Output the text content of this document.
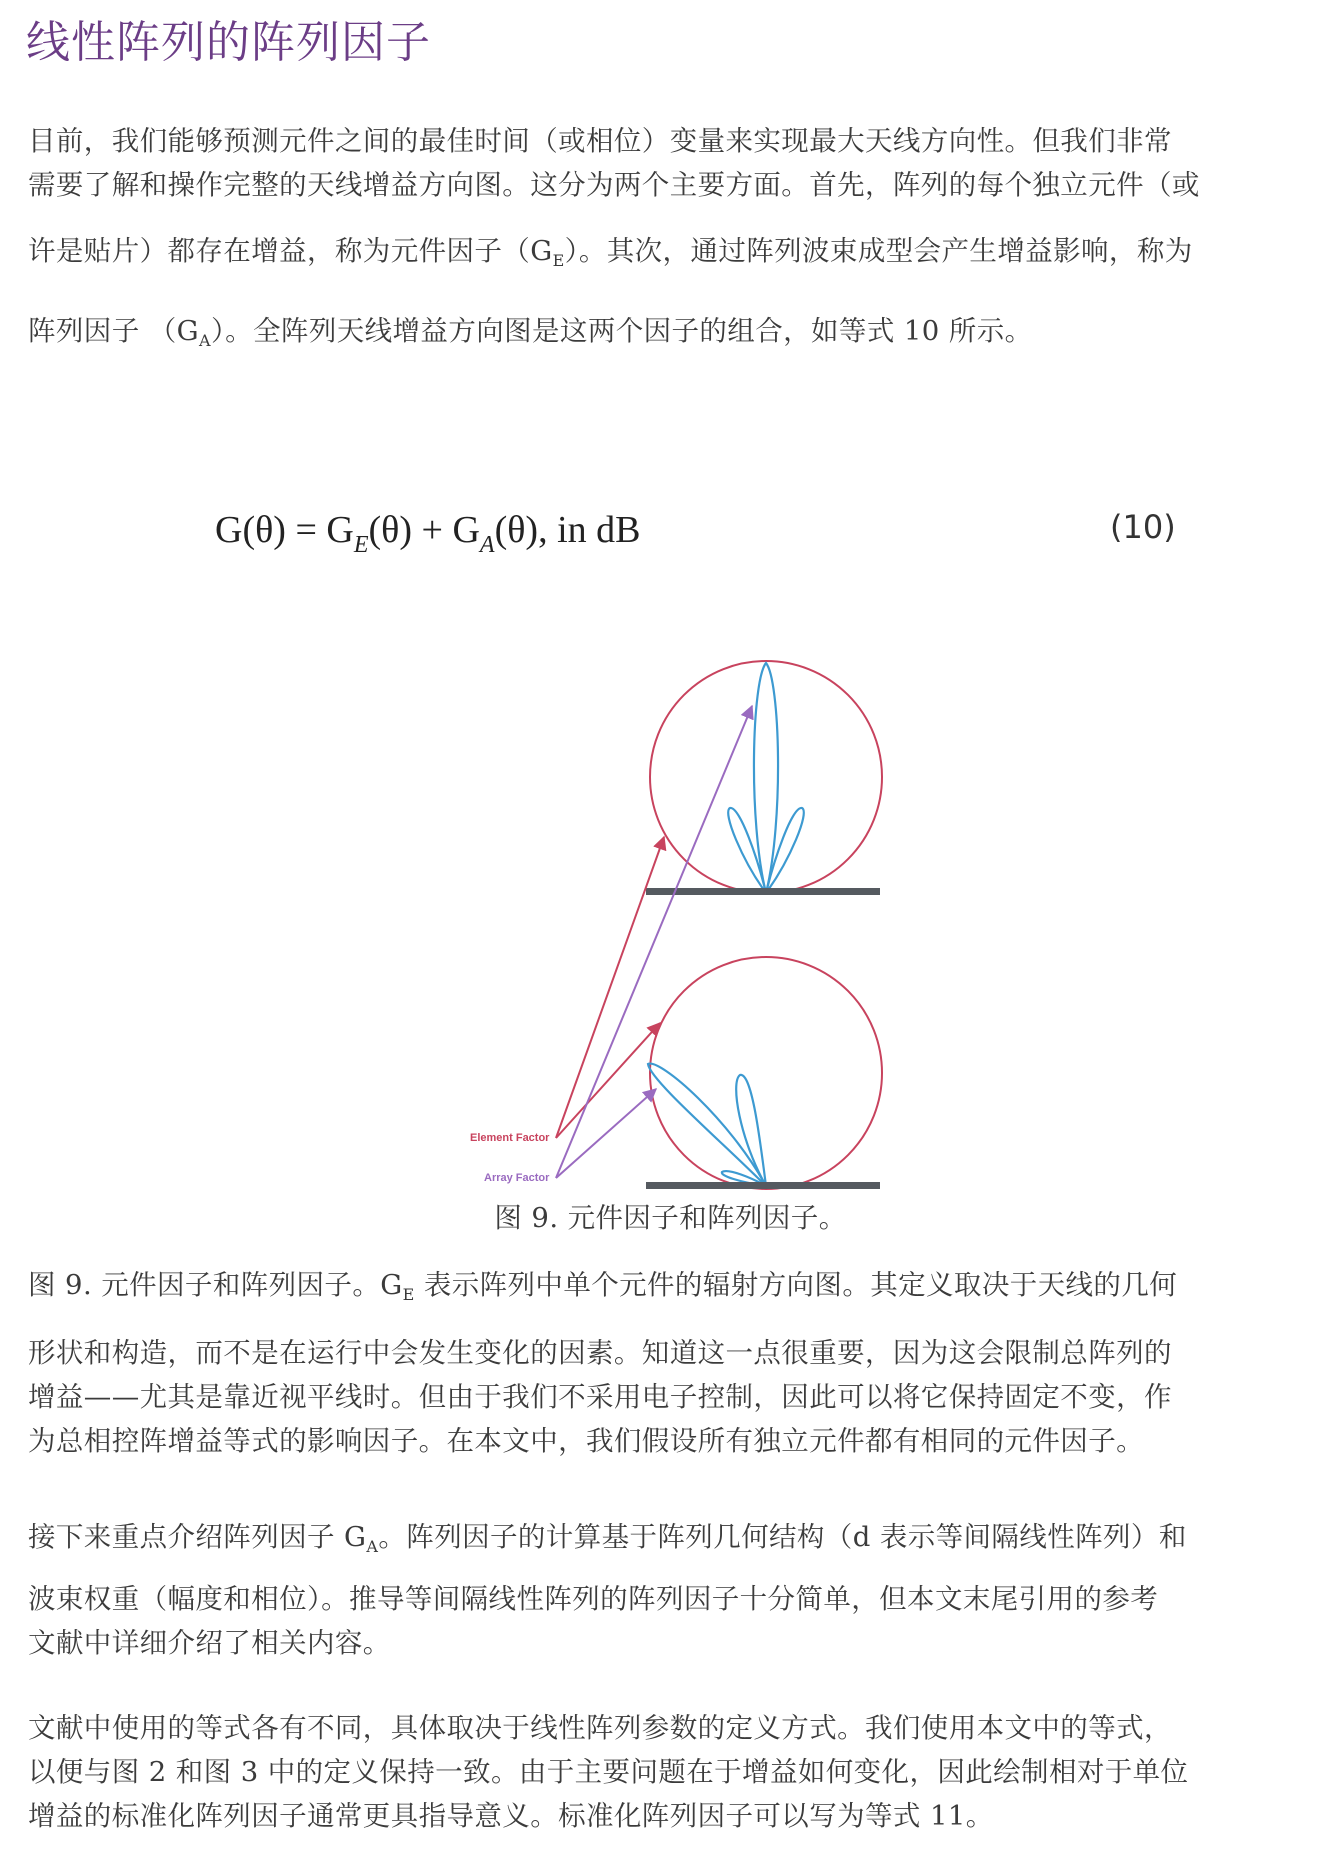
线性阵列的阵列因子
目前，我们能够预测元件之间的最佳时间（或相位）变量来实现最大天线方向性。但我们非常
需要了解和操作完整的天线增益方向图。这分为两个主要方面。首先，阵列的每个独立元件（或
许是贴片）都存在增益，称为元件因子$(G_E)$。其次，通过阵列波束成型会产生增益影响，称为
阵列因子 $(G_A)$。全阵列天线增益方向图是这两个因子的组合，如等式 10 所示。
$G(\theta) = G_E(\theta) + G_A(\theta)$, in dB	(10)
Element Factor
Array Factor
图 9. 元件因子和阵列因子。
图 9. 元件因子和阵列因子。$G_E$ 表示阵列中单个元件的辐射方向图。其定义取决于天线的几何
形状和构造，而不是在运行中会发生变化的因素。知道这一点很重要，因为这会限制总阵列的
增益——尤其是靠近视平线时。但由于我们不采用电子控制，因此可以将它保持固定不变，作
为总相控阵增益等式的影响因子。在本文中，我们假设所有独立元件都有相同的元件因子。
接下来重点介绍阵列因子 $G_A$。阵列因子的计算基于阵列几何结构（d 表示等间隔线性阵列）和
波束权重（幅度和相位）。推导等间隔线性阵列的阵列因子十分简单，但本文末尾引用的参考
文献中详细介绍了相关内容。
文献中使用的等式各有不同，具体取决于线性阵列参数的定义方式。我们使用本文中的等式，
以便与图 2 和图 3 中的定义保持一致。由于主要问题在于增益如何变化，因此绘制相对于单位
增益的标准化阵列因子通常更具指导意义。标准化阵列因子可以写为等式 11。
